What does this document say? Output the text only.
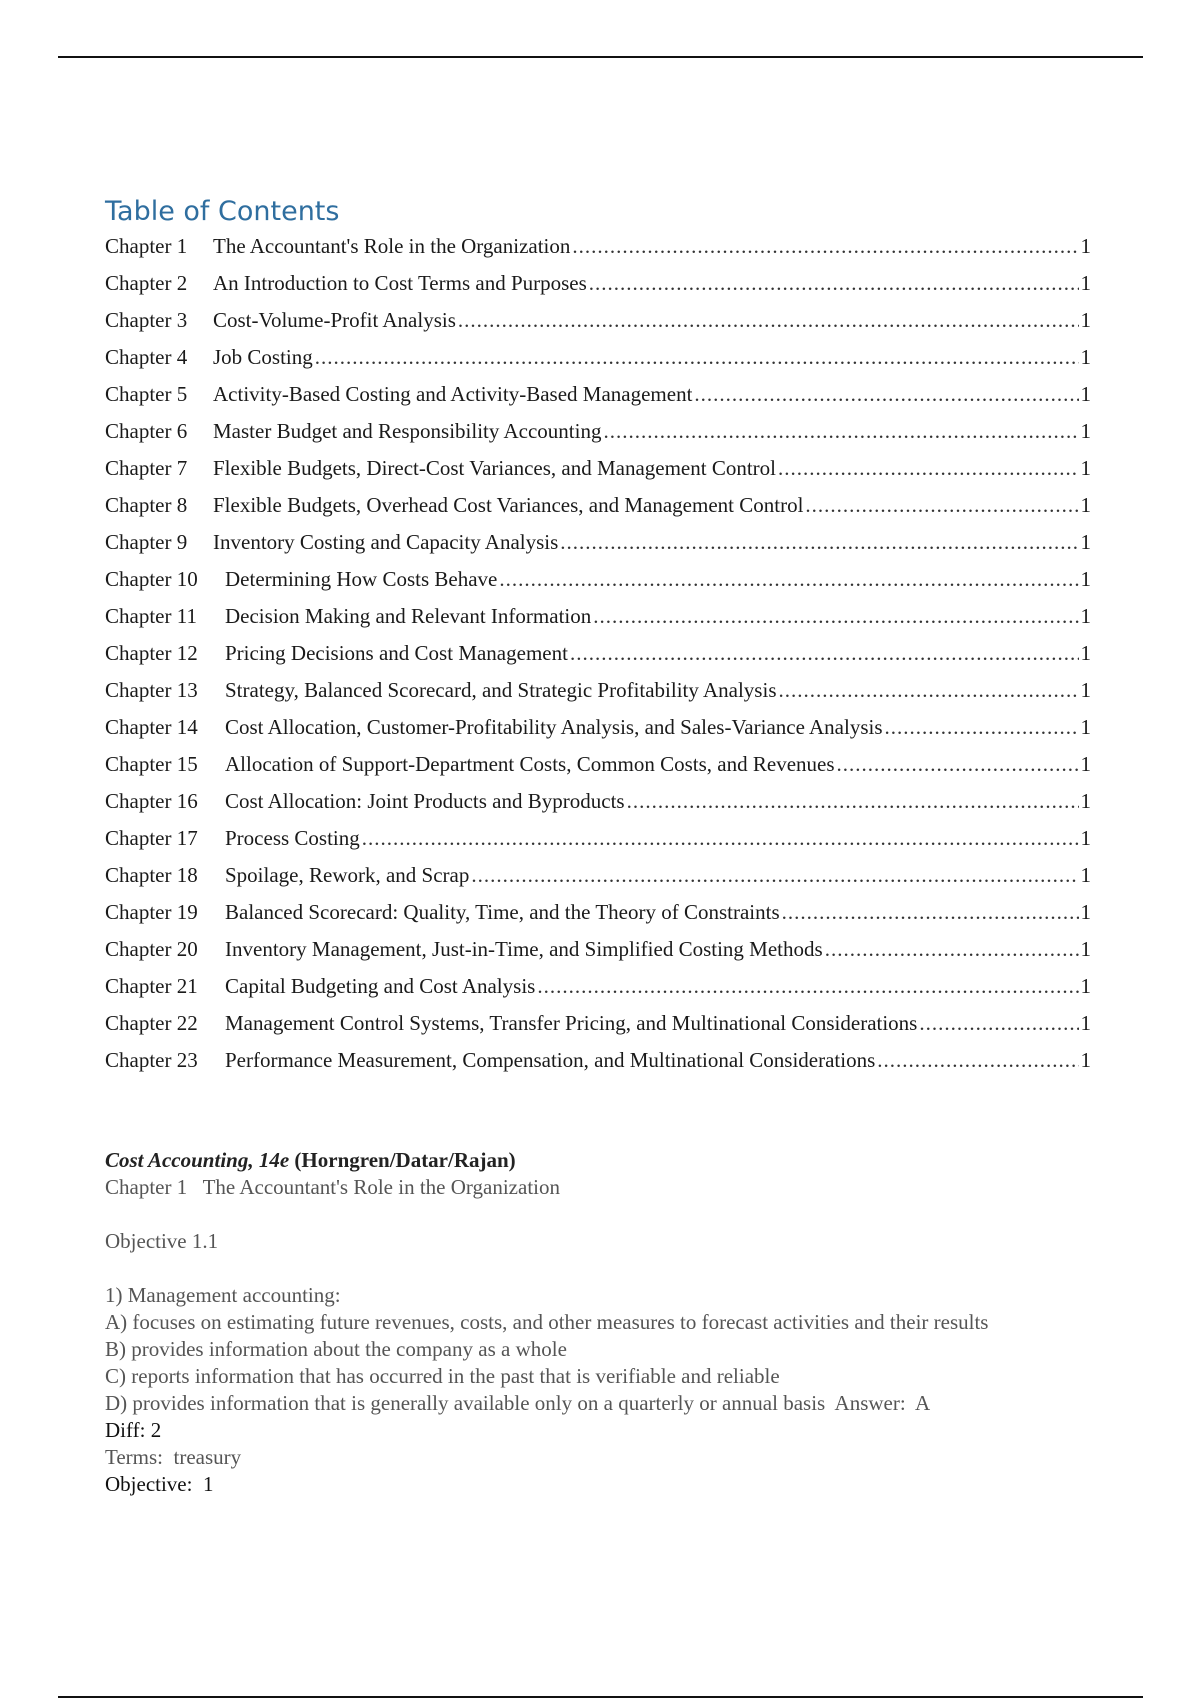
Table of Contents
Chapter 1	The Accountant's Role in the Organization .....	1
Chapter 2	An Introduction to Cost Terms and Purposes .....	1
Chapter 3	Cost-Volume-Profit Analysis .....	1
Chapter 4	Job Costing .....	1
Chapter 5	Activity-Based Costing and Activity-Based Management .....	1
Chapter 6	Master Budget and Responsibility Accounting .....	1
Chapter 7	Flexible Budgets, Direct-Cost Variances, and Management Control .....	1
Chapter 8	Flexible Budgets, Overhead Cost Variances, and Management Control .....	1
Chapter 9	Inventory Costing and Capacity Analysis .....	1
Chapter 10	Determining How Costs Behave .....	1
Chapter 11	Decision Making and Relevant Information .....	1
Chapter 12	Pricing Decisions and Cost Management .....	1
Chapter 13	Strategy, Balanced Scorecard, and Strategic Profitability Analysis .....	1
Chapter 14	Cost Allocation, Customer-Profitability Analysis, and Sales-Variance Analysis .....	1
Chapter 15	Allocation of Support-Department Costs, Common Costs, and Revenues .....	1
Chapter 16	Cost Allocation: Joint Products and Byproducts .....	1
Chapter 17	Process Costing .....	1
Chapter 18	Spoilage, Rework, and Scrap .....	1
Chapter 19	Balanced Scorecard: Quality, Time, and the Theory of Constraints .....	1
Chapter 20	Inventory Management, Just-in-Time, and Simplified Costing Methods .....	1
Chapter 21	Capital Budgeting and Cost Analysis .....	1
Chapter 22	Management Control Systems, Transfer Pricing, and Multinational Considerations .....	1
Chapter 23	Performance Measurement, Compensation, and Multinational Considerations .....	1

Cost Accounting, 14e (Horngren/Datar/Rajan)

Chapter 1   The Accountant's Role in the Organization

Objective 1.1

1) Management accounting:

A) focuses on estimating future revenues, costs, and other measures to forecast activities and their results

B) provides information about the company as a whole

C) reports information that has occurred in the past that is verifiable and reliable

D) provides information that is generally available only on a quarterly or annual basis  Answer:  A

Diff: 2

Terms:  treasury

Objective:  1
